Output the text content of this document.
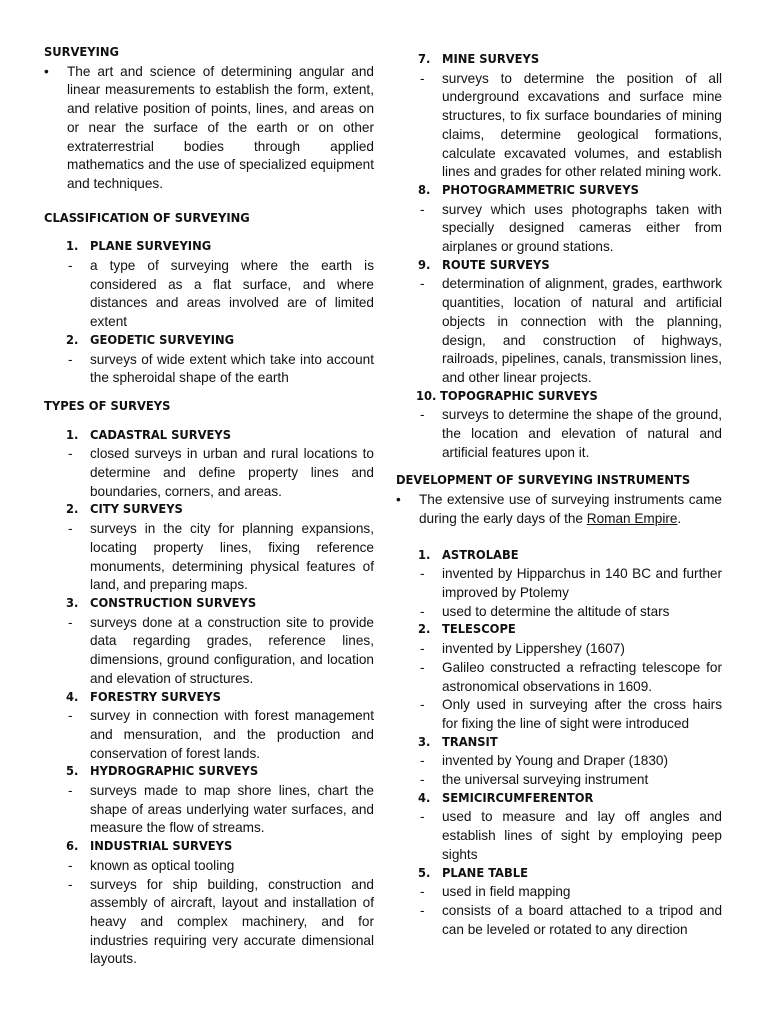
SURVEYING
• The art and science of determining angular and linear measurements to establish the form, extent, and relative position of points, lines, and areas on or near the surface of the earth or on other extraterrestrial bodies through applied mathematics and the use of specialized equipment and techniques.
CLASSIFICATION OF SURVEYING
1. PLANE SURVEYING
- a type of surveying where the earth is considered as a flat surface, and where distances and areas involved are of limited extent
2. GEODETIC SURVEYING
- surveys of wide extent which take into account the spheroidal shape of the earth
TYPES OF SURVEYS
1. CADASTRAL SURVEYS
- closed surveys in urban and rural locations to determine and define property lines and boundaries, corners, and areas.
2. CITY SURVEYS
- surveys in the city for planning expansions, locating property lines, fixing reference monuments, determining physical features of land, and preparing maps.
3. CONSTRUCTION SURVEYS
- surveys done at a construction site to provide data regarding grades, reference lines, dimensions, ground configuration, and location and elevation of structures.
4. FORESTRY SURVEYS
- survey in connection with forest management and mensuration, and the production and conservation of forest lands.
5. HYDROGRAPHIC SURVEYS
- surveys made to map shore lines, chart the shape of areas underlying water surfaces, and measure the flow of streams.
6. INDUSTRIAL SURVEYS
- known as optical tooling
- surveys for ship building, construction and assembly of aircraft, layout and installation of heavy and complex machinery, and for industries requiring very accurate dimensional layouts.
7. MINE SURVEYS
- surveys to determine the position of all underground excavations and surface mine structures, to fix surface boundaries of mining claims, determine geological formations, calculate excavated volumes, and establish lines and grades for other related mining work.
8. PHOTOGRAMMETRIC SURVEYS
- survey which uses photographs taken with specially designed cameras either from airplanes or ground stations.
9. ROUTE SURVEYS
- determination of alignment, grades, earthwork quantities, location of natural and artificial objects in connection with the planning, design, and construction of highways, railroads, pipelines, canals, transmission lines, and other linear projects.
10. TOPOGRAPHIC SURVEYS
- surveys to determine the shape of the ground, the location and elevation of natural and artificial features upon it.
DEVELOPMENT OF SURVEYING INSTRUMENTS
• The extensive use of surveying instruments came during the early days of the Roman Empire.
1. ASTROLABE
- invented by Hipparchus in 140 BC and further improved by Ptolemy
- used to determine the altitude of stars
2. TELESCOPE
- invented by Lippershey (1607)
- Galileo constructed a refracting telescope for astronomical observations in 1609.
- Only used in surveying after the cross hairs for fixing the line of sight were introduced
3. TRANSIT
- invented by Young and Draper (1830)
- the universal surveying instrument
4. SEMICIRCUMFERENTOR
- used to measure and lay off angles and establish lines of sight by employing peep sights
5. PLANE TABLE
- used in field mapping
- consists of a board attached to a tripod and can be leveled or rotated to any direction
